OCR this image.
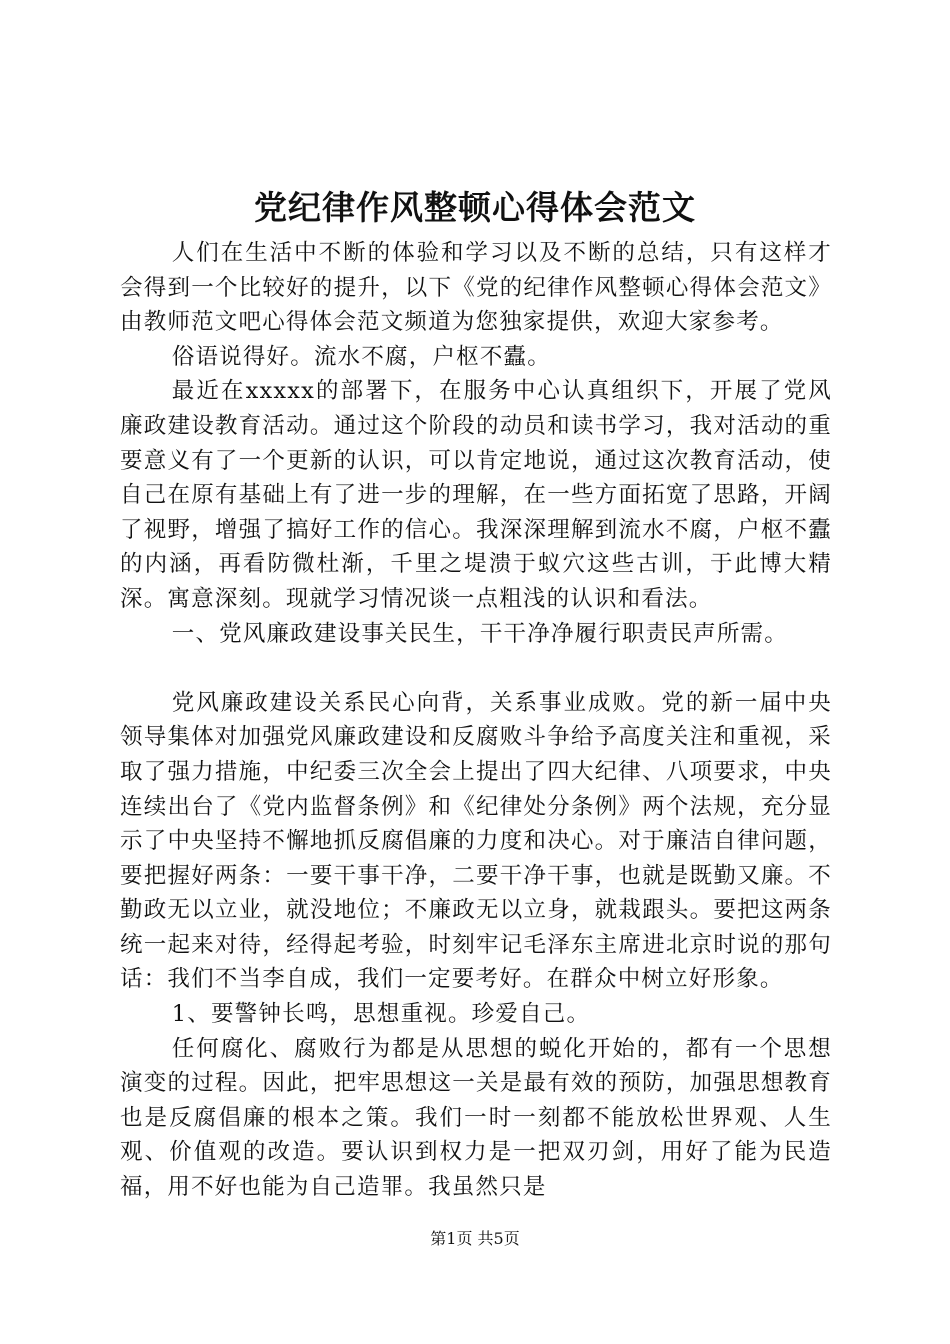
党纪律作风整顿心得体会范文

人们在生活中不断的体验和学习以及不断的总结，只有这样才会得到一个比较好的提升，以下《党的纪律作风整顿心得体会范文》由教师范文吧心得体会范文频道为您独家提供，欢迎大家参考。

俗语说得好。流水不腐，户枢不蠹。

最近在xxxxx的部署下，在服务中心认真组织下，开展了党风廉政建设教育活动。通过这个阶段的动员和读书学习，我对活动的重要意义有了一个更新的认识，可以肯定地说，通过这次教育活动，使自己在原有基础上有了进一步的理解，在一些方面拓宽了思路，开阔了视野，增强了搞好工作的信心。我深深理解到流水不腐，户枢不蠹的内涵，再看防微杜渐，千里之堤溃于蚁穴这些古训，于此博大精深。寓意深刻。现就学习情况谈一点粗浅的认识和看法。

一、党风廉政建设事关民生，干干净净履行职责民声所需。

党风廉政建设关系民心向背，关系事业成败。党的新一届中央领导集体对加强党风廉政建设和反腐败斗争给予高度关注和重视，采取了强力措施，中纪委三次全会上提出了四大纪律、八项要求，中央连续出台了《党内监督条例》和《纪律处分条例》两个法规，充分显示了中央坚持不懈地抓反腐倡廉的力度和决心。对于廉洁自律问题，要把握好两条：一要干事干净，二要干净干事，也就是既勤又廉。不勤政无以立业，就没地位；不廉政无以立身，就栽跟头。要把这两条统一起来对待，经得起考验，时刻牢记毛泽东主席进北京时说的那句话：我们不当李自成，我们一定要考好。在群众中树立好形象。

1、要警钟长鸣，思想重视。珍爱自己。

任何腐化、腐败行为都是从思想的蜕化开始的，都有一个思想演变的过程。因此，把牢思想这一关是最有效的预防，加强思想教育也是反腐倡廉的根本之策。我们一时一刻都不能放松世界观、人生观、价值观的改造。要认识到权力是一把双刃剑，用好了能为民造福，用不好也能为自己造罪。我虽然只是

第1页 共5页
